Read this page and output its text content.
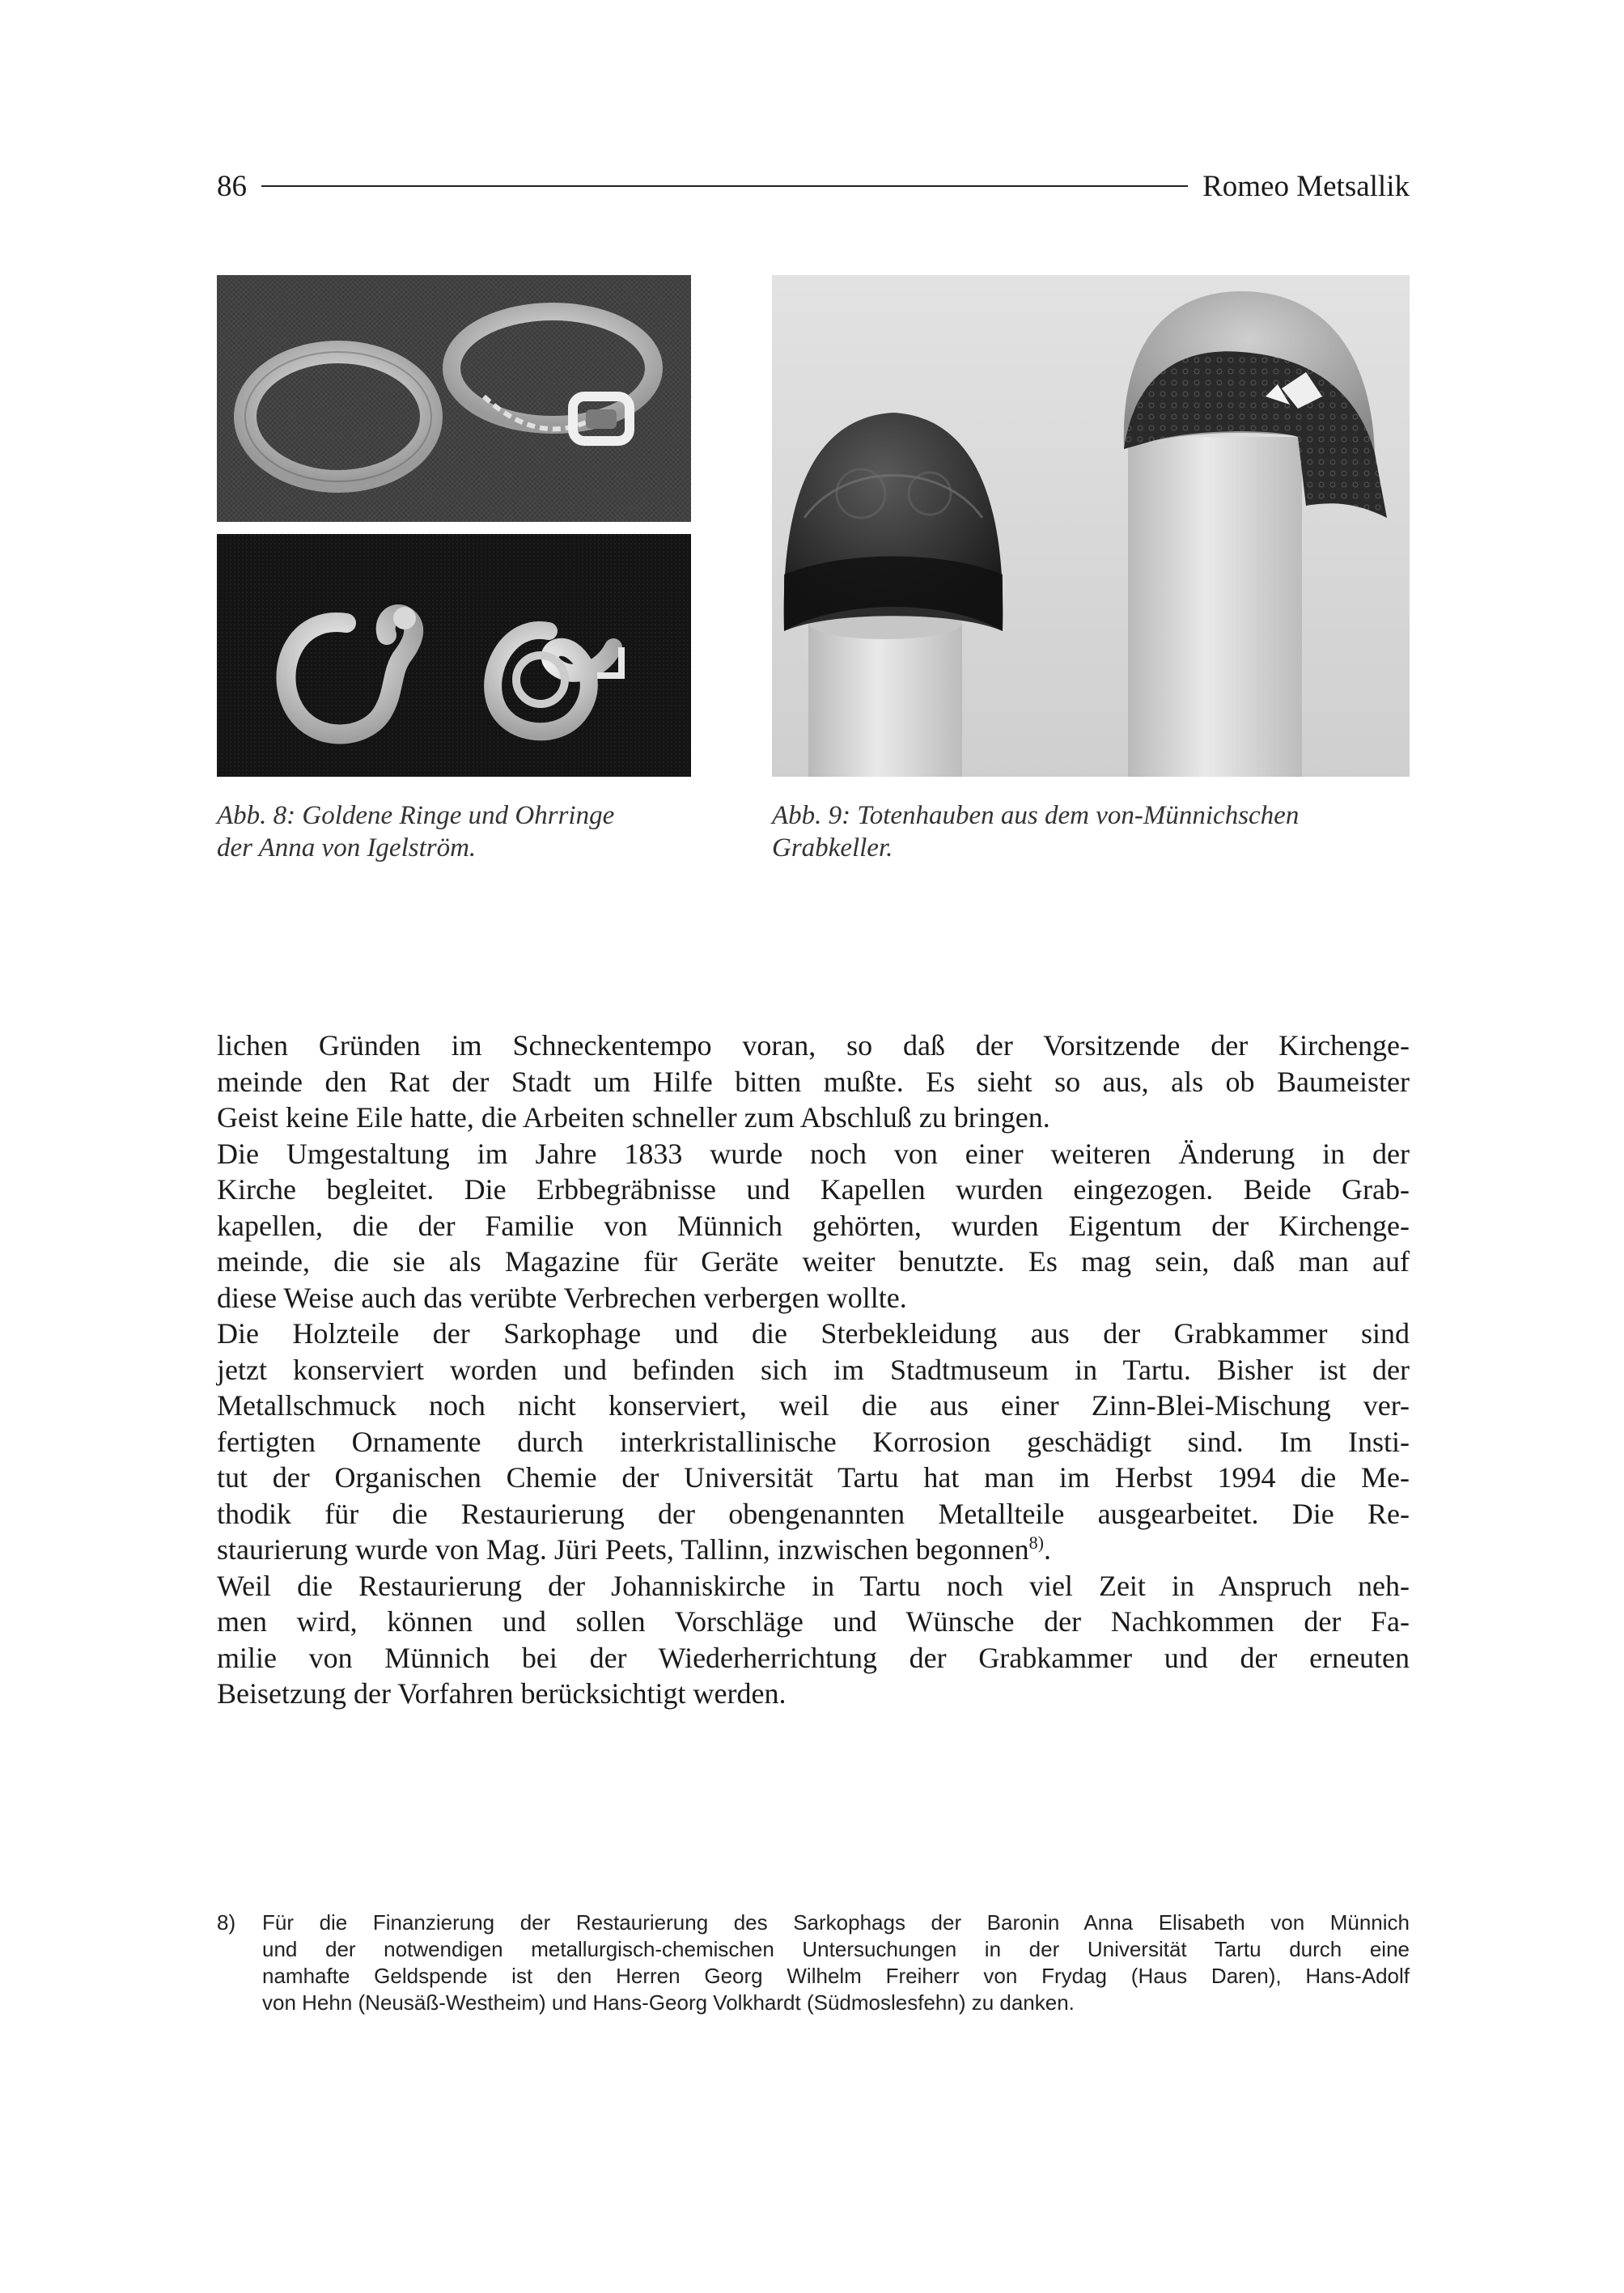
86	Romeo Metsallik
Abb. 8: Goldene Ringe und Ohrringe
der Anna von Igelström.
Abb. 9: Totenhauben aus dem von-Münnichschen
Grabkeller.
lichen Gründen im Schneckentempo voran, so daß der Vorsitzende der Kirchenge-
meinde den Rat der Stadt um Hilfe bitten mußte. Es sieht so aus, als ob Baumeister
Geist keine Eile hatte, die Arbeiten schneller zum Abschluß zu bringen.
Die Umgestaltung im Jahre 1833 wurde noch von einer weiteren Änderung in der
Kirche begleitet. Die Erbbegräbnisse und Kapellen wurden eingezogen. Beide Grab-
kapellen, die der Familie von Münnich gehörten, wurden Eigentum der Kirchenge-
meinde, die sie als Magazine für Geräte weiter benutzte. Es mag sein, daß man auf
diese Weise auch das verübte Verbrechen verbergen wollte.
Die Holzteile der Sarkophage und die Sterbekleidung aus der Grabkammer sind
jetzt konserviert worden und befinden sich im Stadtmuseum in Tartu. Bisher ist der
Metallschmuck noch nicht konserviert, weil die aus einer Zinn-Blei-Mischung ver-
fertigten Ornamente durch interkristallinische Korrosion geschädigt sind. Im Insti-
tut der Organischen Chemie der Universität Tartu hat man im Herbst 1994 die Me-
thodik für die Restaurierung der obengenannten Metallteile ausgearbeitet. Die Re-
staurierung wurde von Mag. Jüri Peets, Tallinn, inzwischen begonnen$^{8)}$.
Weil die Restaurierung der Johanniskirche in Tartu noch viel Zeit in Anspruch neh-
men wird, können und sollen Vorschläge und Wünsche der Nachkommen der Fa-
milie von Münnich bei der Wiederherrichtung der Grabkammer und der erneuten
Beisetzung der Vorfahren berücksichtigt werden.
8) Für die Finanzierung der Restaurierung des Sarkophags der Baronin Anna Elisabeth von Münnich
und der notwendigen metallurgisch-chemischen Untersuchungen in der Universität Tartu durch eine
namhafte Geldspende ist den Herren Georg Wilhelm Freiherr von Frydag (Haus Daren), Hans-Adolf
von Hehn (Neusäß-Westheim) und Hans-Georg Volkhardt (Südmoslesfehn) zu danken.
